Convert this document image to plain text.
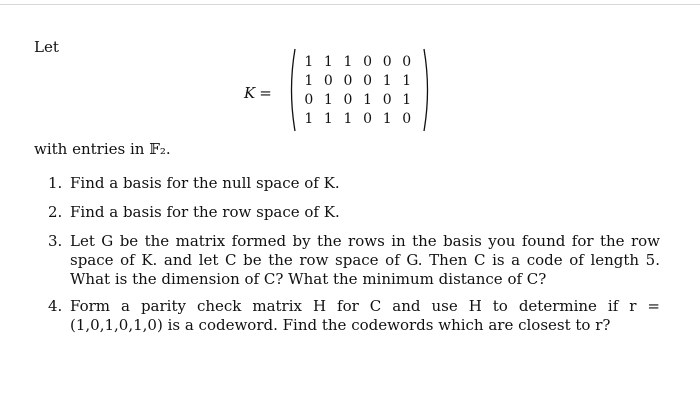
Let
K =
1 1 1 0 0 0
1 0 0 0 1 1
0 1 0 1 0 1
1 1 1 0 1 0
with entries in 𝔽₂.
1. Find a basis for the null space of K.
2. Find a basis for the row space of K.
3. Let G be the matrix formed by the rows in the basis you found for the row space of K. and let C be the row space of G. Then C is a code of length 5. What is the dimension of C? What the minimum distance of C?
4. Form a parity check matrix H for C and use H to determine if r = (1,0,1,0,1,0) is a codeword. Find the codewords which are closest to r?
